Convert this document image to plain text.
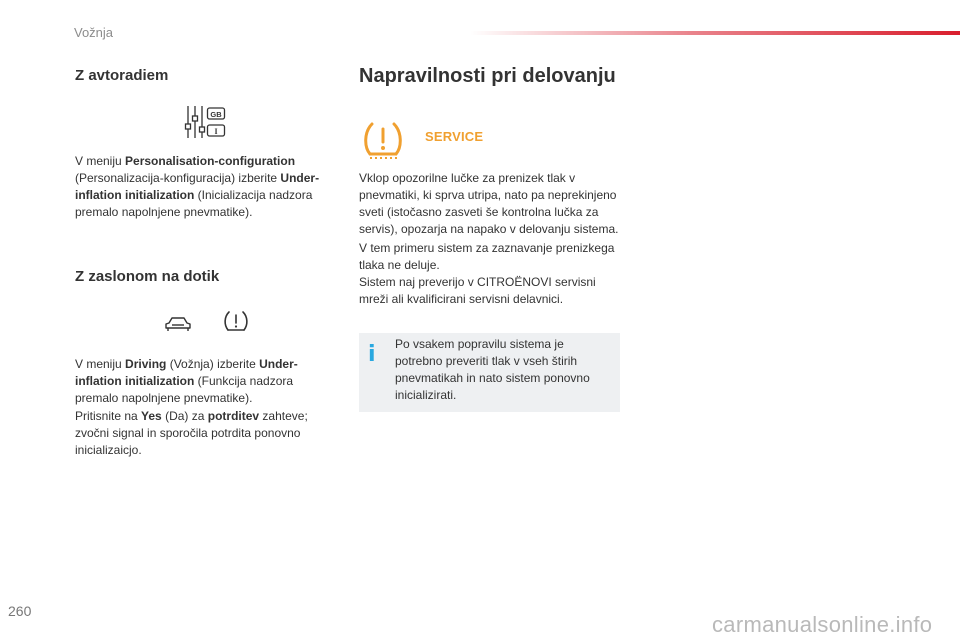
Vožnja
Z avtoradiem
GB
I
V meniju Personalisation-configuration (Personalizacija-konfiguracija) izberite Under-inflation initialization (Inicializacija nadzora premalo napolnjene pnevmatike).
Z zaslonom na dotik
V meniju Driving (Vožnja) izberite Under-inflation initialization (Funkcija nadzora premalo napolnjene pnevmatike).
Pritisnite na Yes (Da) za potrditev zahteve; zvočni signal in sporočila potrdita ponovno inicializaicjo.
Napravilnosti pri delovanju
SERVICE
Vklop opozorilne lučke za prenizek tlak v pnevmatiki, ki sprva utripa, nato pa neprekinjeno sveti (istočasno zasveti še kontrolna lučka za servis), opozarja na napako v delovanju sistema.
V tem primeru sistem za zaznavanje prenizkega tlaka ne deluje.
Sistem naj preverijo v CITROËNOVI servisni mreži ali kvalificirani servisni delavnici.
i Po vsakem popravilu sistema je potrebno preveriti tlak v vseh štirih pnevmatikah in nato sistem ponovno inicializirati.
260
carmanualsonline.info
